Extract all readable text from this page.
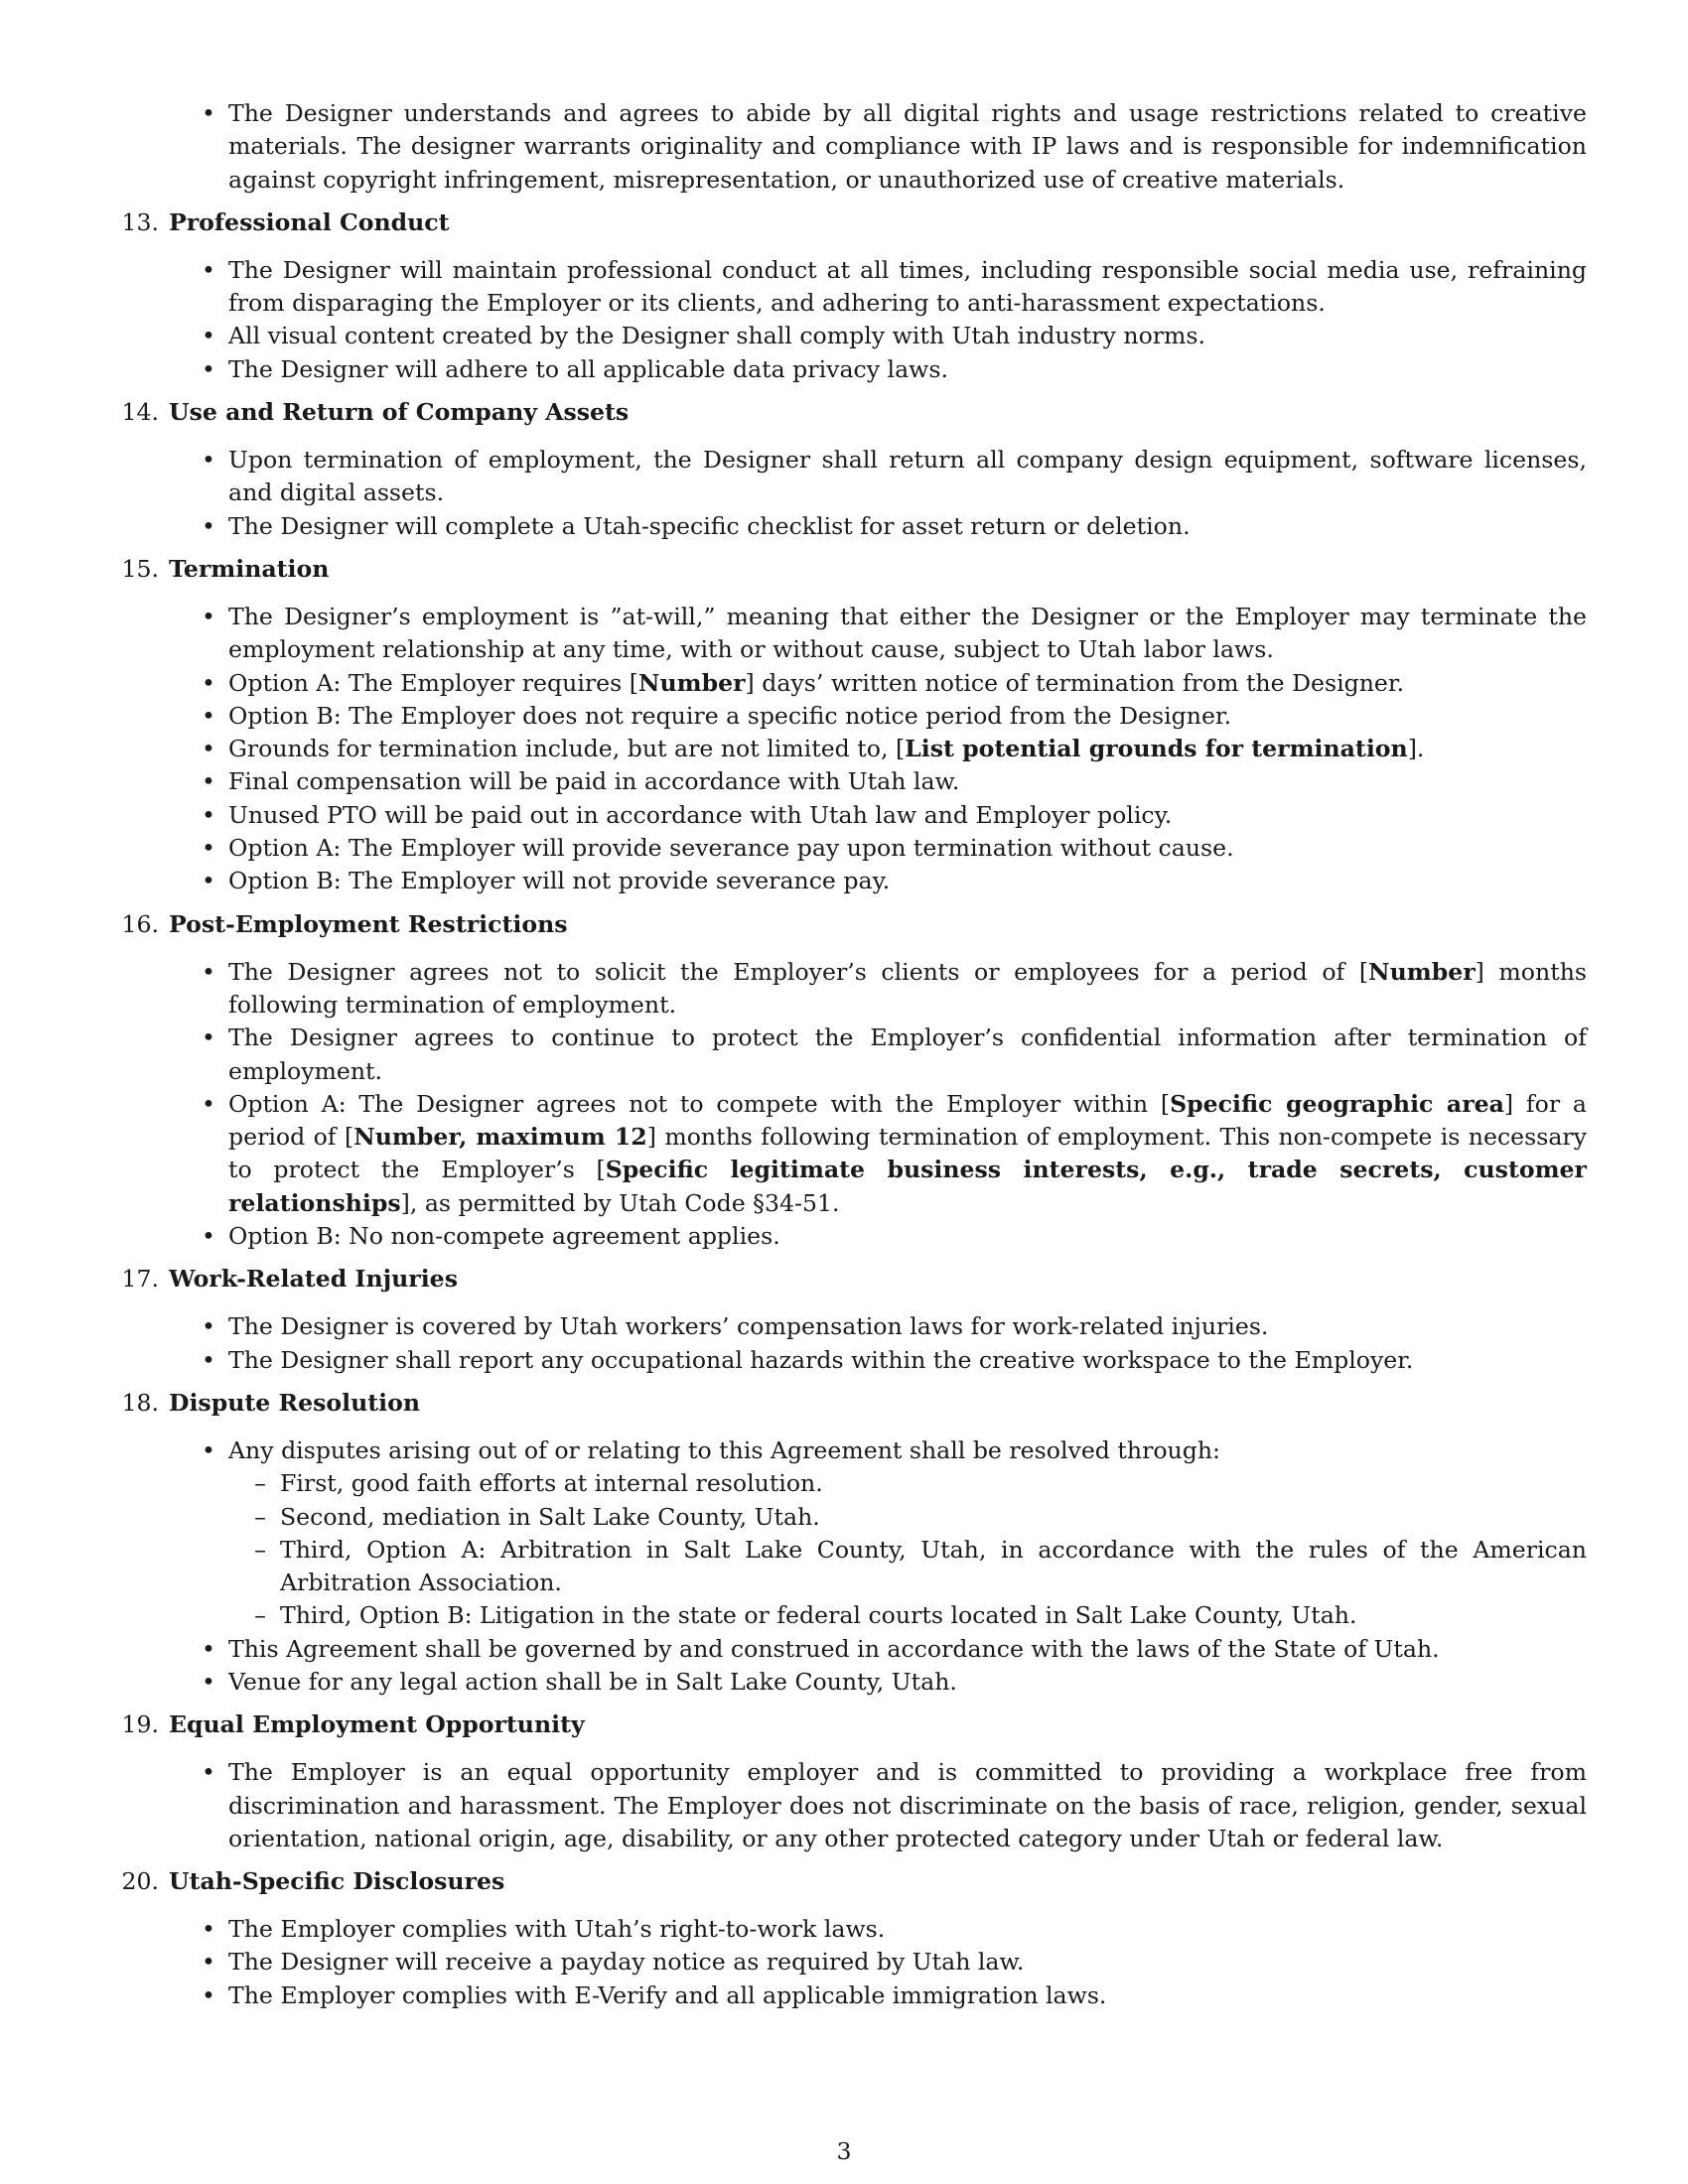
• The Designer understands and agrees to abide by all digital rights and usage restrictions related to creative materials. The designer warrants originality and compliance with IP laws and is responsible for indemnification against copyright infringement, misrepresentation, or unauthorized use of creative materials.
13. Professional Conduct
• The Designer will maintain professional conduct at all times, including responsible social media use, refraining from disparaging the Employer or its clients, and adhering to anti-harassment expectations.
• All visual content created by the Designer shall comply with Utah industry norms.
• The Designer will adhere to all applicable data privacy laws.
14. Use and Return of Company Assets
• Upon termination of employment, the Designer shall return all company design equipment, software licenses, and digital assets.
• The Designer will complete a Utah-specific checklist for asset return or deletion.
15. Termination
• The Designer’s employment is ”at-will,” meaning that either the Designer or the Employer may terminate the employment relationship at any time, with or without cause, subject to Utah labor laws.
• Option A: The Employer requires [Number] days’ written notice of termination from the Designer.
• Option B: The Employer does not require a specific notice period from the Designer.
• Grounds for termination include, but are not limited to, [List potential grounds for termination].
• Final compensation will be paid in accordance with Utah law.
• Unused PTO will be paid out in accordance with Utah law and Employer policy.
• Option A: The Employer will provide severance pay upon termination without cause.
• Option B: The Employer will not provide severance pay.
16. Post-Employment Restrictions
• The Designer agrees not to solicit the Employer’s clients or employees for a period of [Number] months following termination of employment.
• The Designer agrees to continue to protect the Employer’s confidential information after termination of employment.
• Option A: The Designer agrees not to compete with the Employer within [Specific geographic area] for a period of [Number, maximum 12] months following termination of employment. This non-compete is necessary to protect the Employer’s [Specific legitimate business interests, e.g., trade secrets, customer relationships], as permitted by Utah Code §34-51.
• Option B: No non-compete agreement applies.
17. Work-Related Injuries
• The Designer is covered by Utah workers’ compensation laws for work-related injuries.
• The Designer shall report any occupational hazards within the creative workspace to the Employer.
18. Dispute Resolution
• Any disputes arising out of or relating to this Agreement shall be resolved through:
– First, good faith efforts at internal resolution.
– Second, mediation in Salt Lake County, Utah.
– Third, Option A: Arbitration in Salt Lake County, Utah, in accordance with the rules of the American Arbitration Association.
– Third, Option B: Litigation in the state or federal courts located in Salt Lake County, Utah.
• This Agreement shall be governed by and construed in accordance with the laws of the State of Utah.
• Venue for any legal action shall be in Salt Lake County, Utah.
19. Equal Employment Opportunity
• The Employer is an equal opportunity employer and is committed to providing a workplace free from discrimination and harassment. The Employer does not discriminate on the basis of race, religion, gender, sexual orientation, national origin, age, disability, or any other protected category under Utah or federal law.
20. Utah-Specific Disclosures
• The Employer complies with Utah’s right-to-work laws.
• The Designer will receive a payday notice as required by Utah law.
• The Employer complies with E-Verify and all applicable immigration laws.
3
